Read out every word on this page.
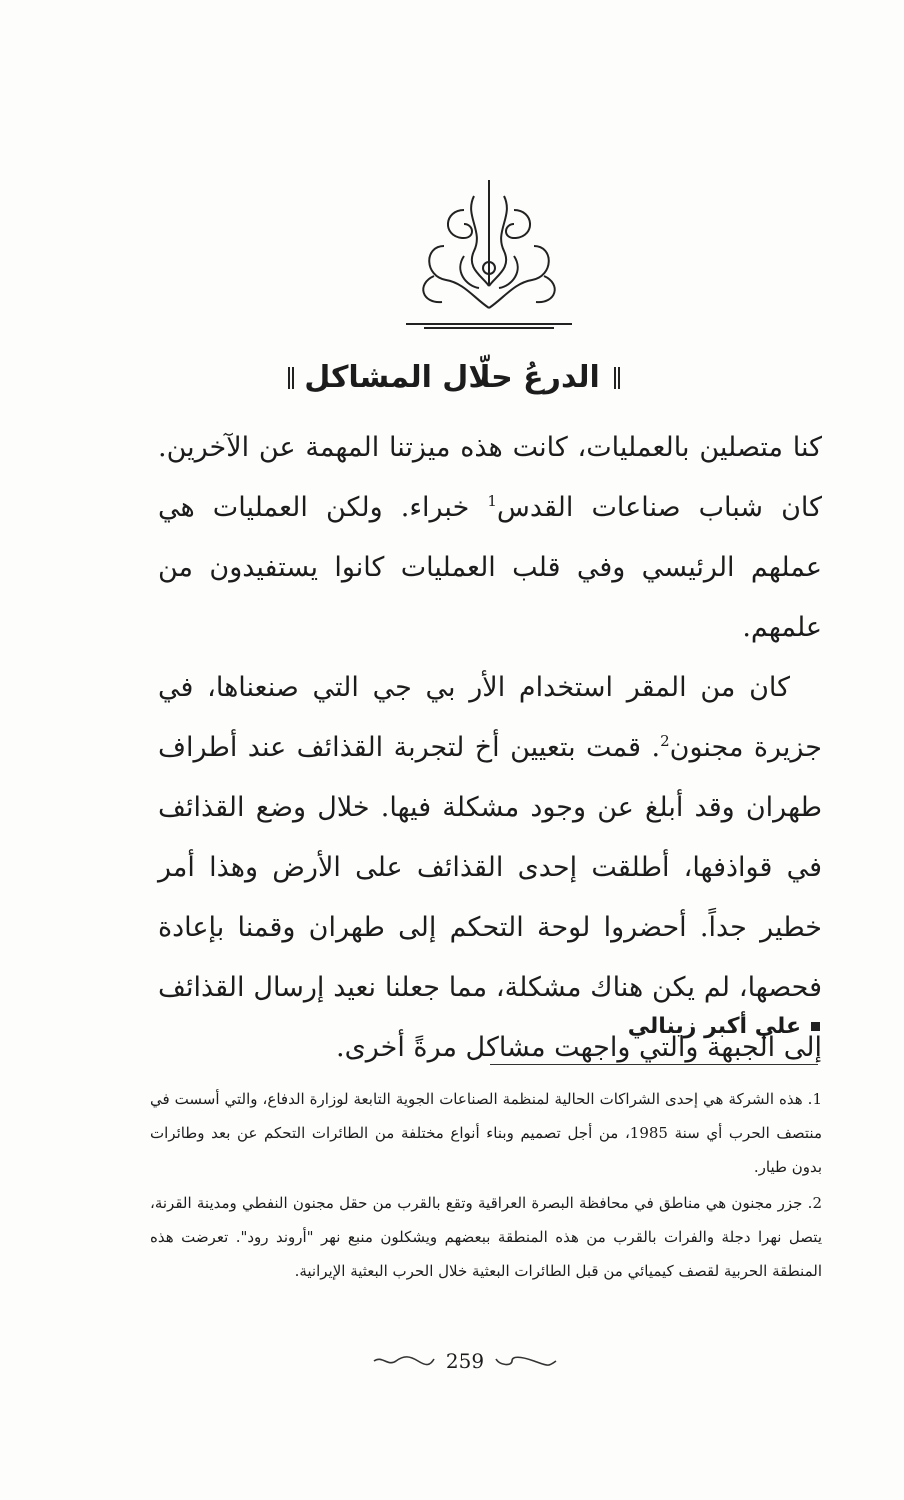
الدرعُ حلّال المشاكل

كنا متصلين بالعمليات، كانت هذه ميزتنا المهمة عن الآخرين. كان شباب صناعات القدس$^1$ خبراء. ولكن العمليات هي عملهم الرئيسي وفي قلب العمليات كانوا يستفيدون من علمهم.

كان من المقر استخدام الأر بي جي التي صنعناها، في جزيرة مجنون$^2$. قمت بتعيين أخ لتجربة القذائف عند أطراف طهران وقد أبلغ عن وجود مشكلة فيها. خلال وضع القذائف في قواذفها، أطلقت إحدى القذائف على الأرض وهذا أمر خطير جداً. أحضروا لوحة التحكم إلى طهران وقمنا بإعادة فحصها، لم يكن هناك مشكلة، مما جعلنا نعيد إرسال القذائف إلى الجبهة والتي واجهت مشاكل مرةً أخرى.

علي أكبر زينالي

1. هذه الشركة هي إحدى الشراكات الحالية لمنظمة الصناعات الجوية التابعة لوزارة الدفاع، والتي أسست في منتصف الحرب أي سنة 1985، من أجل تصميم وبناء أنواع مختلفة من الطائرات التحكم عن بعد وطائرات بدون طيار.

2. جزر مجنون هي مناطق في محافظة البصرة العراقية وتقع بالقرب من حقل مجنون النفطي ومدينة القرنة، يتصل نهرا دجلة والفرات بالقرب من هذه المنطقة ببعضهم ويشكلون منبع نهر "أروند رود". تعرضت هذه المنطقة الحربية لقصف كيميائي من قبل الطائرات البعثية خلال الحرب البعثية الإيرانية.

259
